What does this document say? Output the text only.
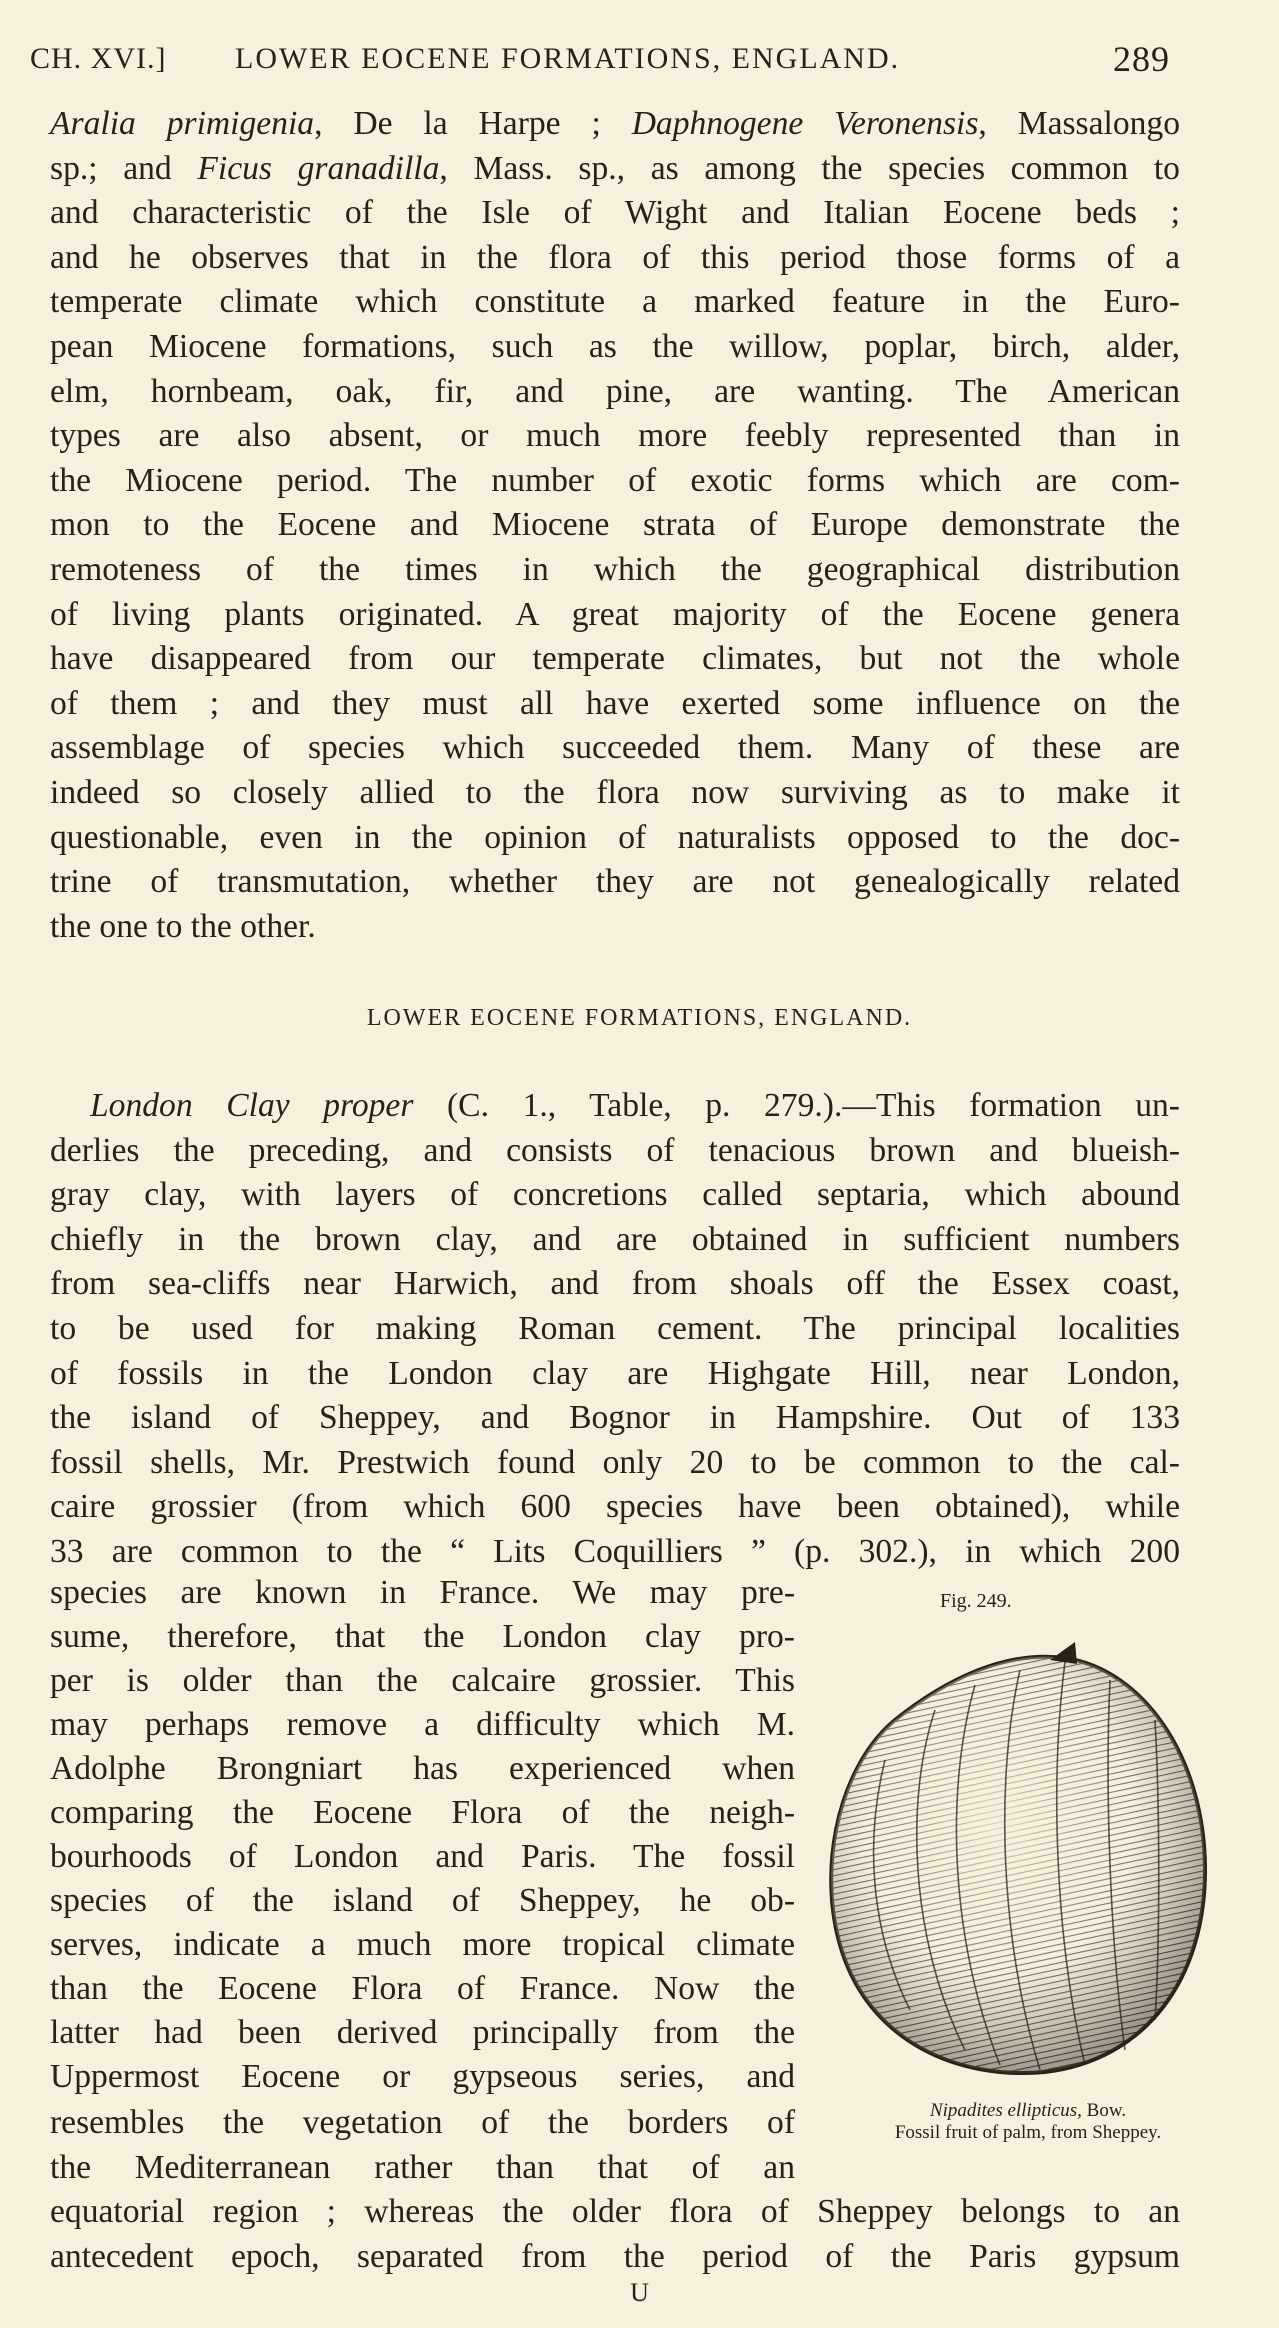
CH. XVI.] LOWER EOCENE FORMATIONS, ENGLAND.	289
Aralia primigenia, De la Harpe ; Daphnogene Veronensis, Massalongo
sp.; and Ficus granadilla, Mass. sp., as among the species common to
and characteristic of the Isle of Wight and Italian Eocene beds ;
and he observes that in the flora of this period those forms of a
temperate climate which constitute a marked feature in the Euro-
pean Miocene formations, such as the willow, poplar, birch, alder,
elm, hornbeam, oak, fir, and pine, are wanting. The American
types are also absent, or much more feebly represented than in
the Miocene period. The number of exotic forms which are com-
mon to the Eocene and Miocene strata of Europe demonstrate the
remoteness of the times in which the geographical distribution
of living plants originated. A great majority of the Eocene genera
have disappeared from our temperate climates, but not the whole
of them ; and they must all have exerted some influence on the
assemblage of species which succeeded them. Many of these are
indeed so closely allied to the flora now surviving as to make it
questionable, even in the opinion of naturalists opposed to the doc-
trine of transmutation, whether they are not genealogically related
the one to the other.
LOWER EOCENE FORMATIONS, ENGLAND.
London Clay proper (C. 1., Table, p. 279.).—This formation un-
derlies the preceding, and consists of tenacious brown and blueish-
gray clay, with layers of concretions called septaria, which abound
chiefly in the brown clay, and are obtained in sufficient numbers
from sea-cliffs near Harwich, and from shoals off the Essex coast,
to be used for making Roman cement. The principal localities
of fossils in the London clay are Highgate Hill, near London,
the island of Sheppey, and Bognor in Hampshire. Out of 133
fossil shells, Mr. Prestwich found only 20 to be common to the cal-
caire grossier (from which 600 species have been obtained), while
33 are common to the “ Lits Coquilliers ” (p. 302.), in which 200
species are known in France. We may pre-
sume, therefore, that the London clay pro-
per is older than the calcaire grossier. This
may perhaps remove a difficulty which M.
Adolphe Brongniart has experienced when
comparing the Eocene Flora of the neigh-
bourhoods of London and Paris. The fossil
species of the island of Sheppey, he ob-
serves, indicate a much more tropical climate
than the Eocene Flora of France. Now the
latter had been derived principally from the
Uppermost Eocene or gypseous series, and
Fig. 249.
Nipadites ellipticus, Bow.
Fossil fruit of palm, from Sheppey.
resembles the vegetation of the borders of
the Mediterranean rather than that of an
equatorial region ; whereas the older flora of Sheppey belongs to an
antecedent epoch, separated from the period of the Paris gypsum
U
